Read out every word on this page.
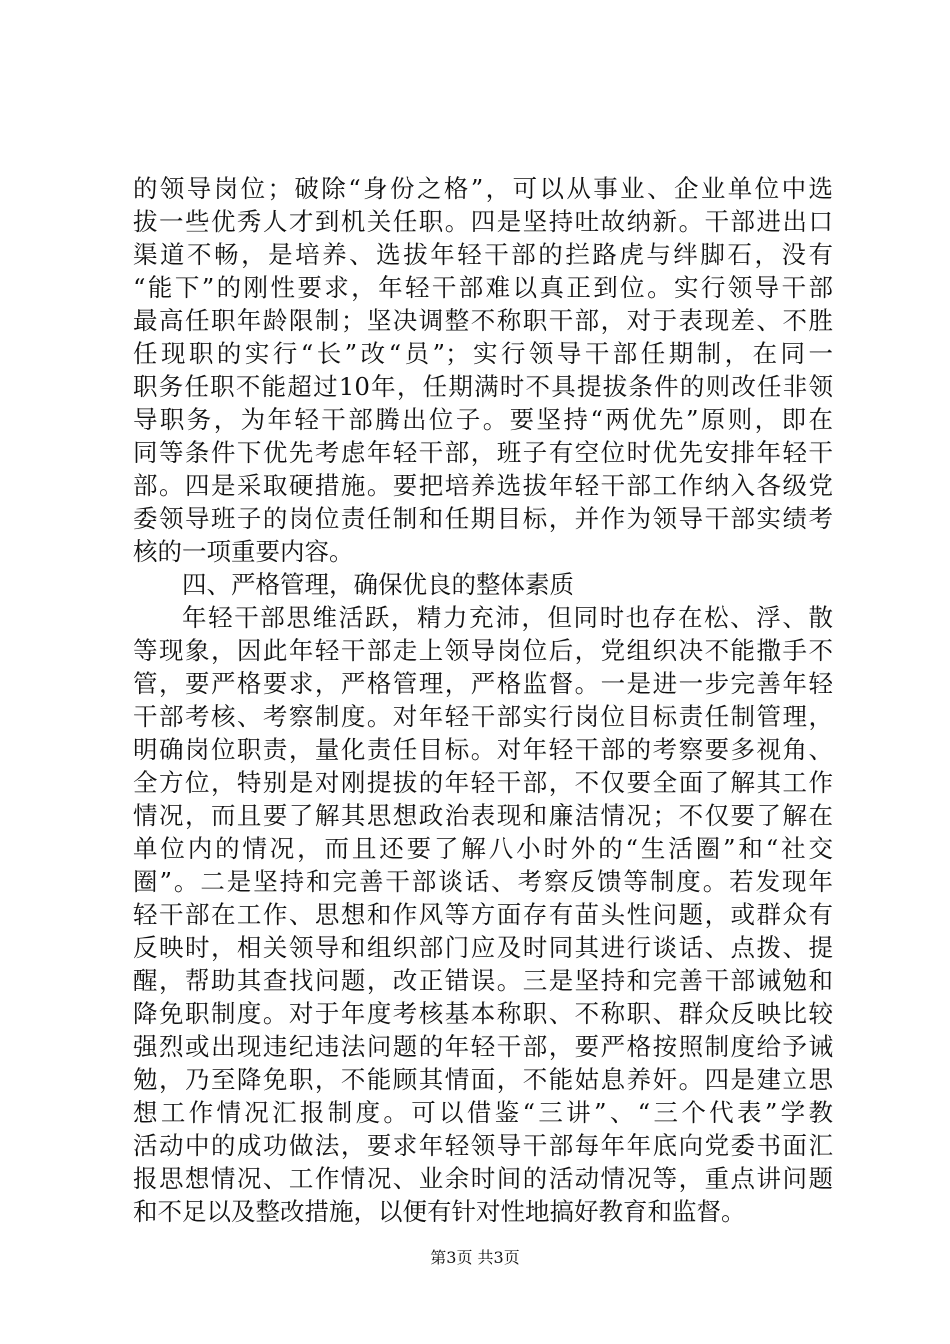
的领导岗位；破除“身份之格”，可以从事业、企业单位中选
拔一些优秀人才到机关任职。四是坚持吐故纳新。干部进出口
渠道不畅，是培养、选拔年轻干部的拦路虎与绊脚石，没有
“能下”的刚性要求，年轻干部难以真正到位。实行领导干部
最高任职年龄限制；坚决调整不称职干部，对于表现差、不胜
任现职的实行“长”改“员”；实行领导干部任期制，在同一
职务任职不能超过10年，任期满时不具提拔条件的则改任非领
导职务，为年轻干部腾出位子。要坚持“两优先”原则，即在
同等条件下优先考虑年轻干部，班子有空位时优先安排年轻干
部。四是采取硬措施。要把培养选拔年轻干部工作纳入各级党
委领导班子的岗位责任制和任期目标，并作为领导干部实绩考
核的一项重要内容。
四、严格管理，确保优良的整体素质
年轻干部思维活跃，精力充沛，但同时也存在松、浮、散
等现象，因此年轻干部走上领导岗位后，党组织决不能撒手不
管，要严格要求，严格管理，严格监督。一是进一步完善年轻
干部考核、考察制度。对年轻干部实行岗位目标责任制管理，
明确岗位职责，量化责任目标。对年轻干部的考察要多视角、
全方位，特别是对刚提拔的年轻干部，不仅要全面了解其工作
情况，而且要了解其思想政治表现和廉洁情况；不仅要了解在
单位内的情况，而且还要了解八小时外的“生活圈”和“社交
圈”。二是坚持和完善干部谈话、考察反馈等制度。若发现年
轻干部在工作、思想和作风等方面存有苗头性问题，或群众有
反映时，相关领导和组织部门应及时同其进行谈话、点拨、提
醒，帮助其查找问题，改正错误。三是坚持和完善干部诫勉和
降免职制度。对于年度考核基本称职、不称职、群众反映比较
强烈或出现违纪违法问题的年轻干部，要严格按照制度给予诫
勉，乃至降免职，不能顾其情面，不能姑息养奸。四是建立思
想工作情况汇报制度。可以借鉴“三讲”、“三个代表”学教
活动中的成功做法，要求年轻领导干部每年年底向党委书面汇
报思想情况、工作情况、业余时间的活动情况等，重点讲问题
和不足以及整改措施，以便有针对性地搞好教育和监督。
第3页 共3页
